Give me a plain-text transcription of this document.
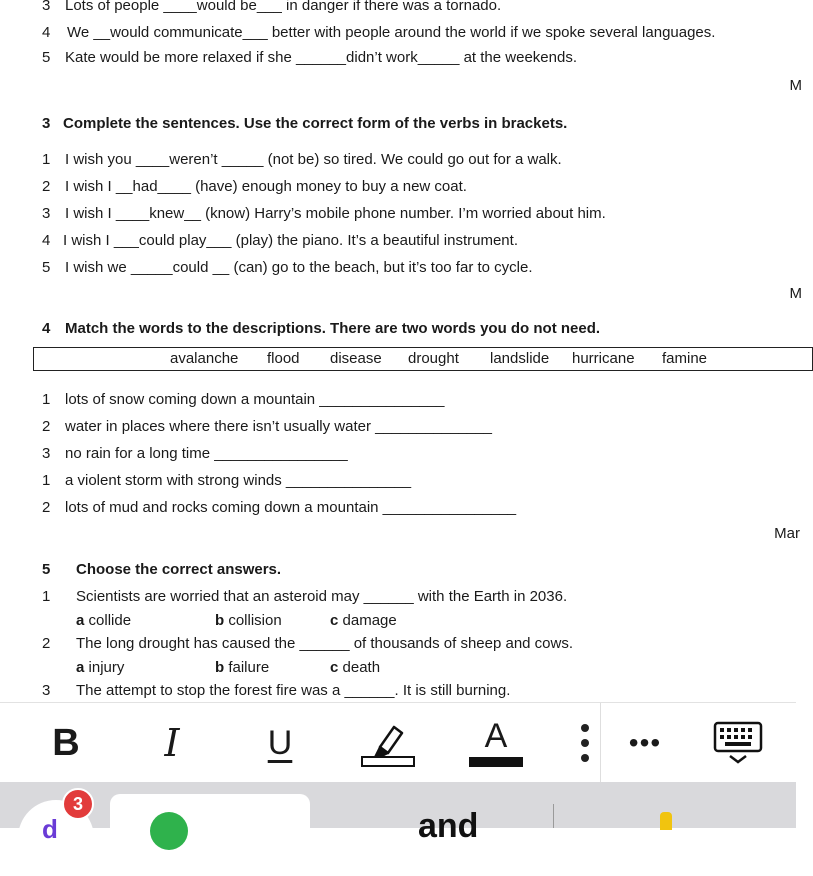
3 Lots of people ____would be___ in danger if there was a tornado.
4 We __would communicate___ better with people around the world if we spoke several languages.
5 Kate would be more relaxed if she ______didn’t work_____ at the weekends.
M
3 Complete the sentences. Use the correct form of the verbs in brackets.
1 I wish you ____weren’t _____ (not be) so tired. We could go out for a walk.
2 I wish I __had____ (have) enough money to buy a new coat.
3 I wish I ____knew__ (know) Harry’s mobile phone number. I’m worried about him.
4 I wish I ___could play___ (play) the piano. It’s a beautiful instrument.
5 I wish we _____could __ (can) go to the beach, but it’s too far to cycle.
M
4 Match the words to the descriptions. There are two words you do not need.
avalanche flood disease drought landslide hurricane famine
1 lots of snow coming down a mountain _______________
2 water in places where there isn’t usually water ______________
3 no rain for a long time ________________
1 a violent storm with strong winds _______________
2 lots of mud and rocks coming down a mountain ________________
Mar
5 Choose the correct answers.
1 Scientists are worried that an asteroid may ______ with the Earth in 2036.
a collide	b collision	c damage
2 The long drought has caused the ______ of thousands of sheep and cows.
a injury	b failure	c death
3 The attempt to stop the forest fire was a ______. It is still burning.
B	I	U	A	•••
d
3
and
